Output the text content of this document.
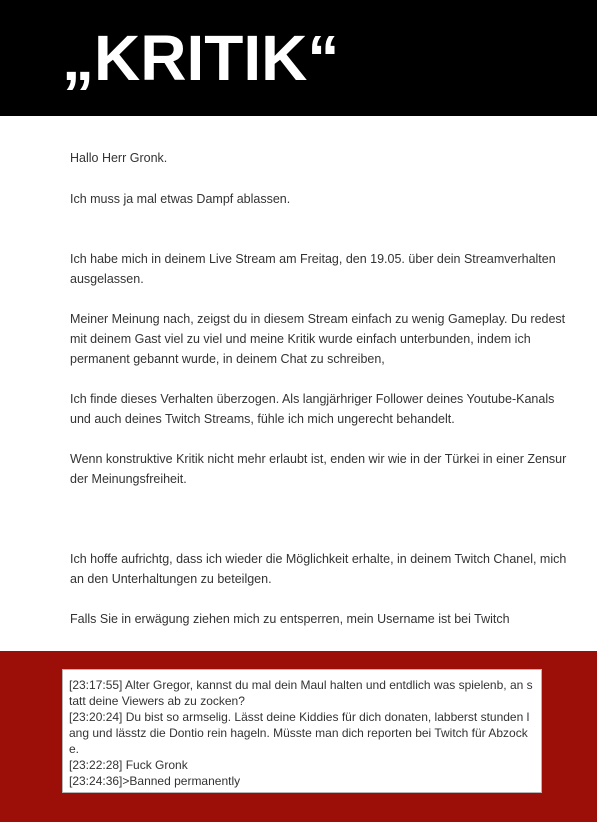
„KRITIK“

Hallo Herr Gronk.

Ich muss ja mal etwas Dampf ablassen.

Ich habe mich in deinem Live Stream am Freitag, den 19.05. über dein Streamverhalten ausgelassen.

Meiner Meinung nach, zeigst du in diesem Stream einfach zu wenig Gameplay. Du redest mit deinem Gast viel zu viel und meine Kritik wurde einfach unterbunden, indem ich permanent gebannt wurde, in deinem Chat zu schreiben,

Ich finde dieses Verhalten überzogen. Als langjärhriger Follower deines Youtube-Kanals und auch deines Twitch Streams, fühle ich mich ungerecht behandelt.

Wenn konstruktive Kritik nicht mehr erlaubt ist, enden wir wie in der Türkei in einer Zensur der Meinungsfreiheit.

Ich hoffe aufrichtg, dass ich wieder die Möglichkeit erhalte, in deinem Twitch Chanel, mich an den Unterhaltungen zu beteilgen.

Falls Sie in erwägung ziehen mich zu entsperren, mein Username ist bei Twitch

[23:17:55] Alter Gregor, kannst du mal dein Maul halten und entdlich was spielenb, an statt deine Viewers ab zu zocken?

[23:20:24] Du bist so armselig. Lässt deine Kiddies für dich donaten, labberst stunden lang und lässtz die Dontio rein hageln. Müsste man dich reporten bei Twitch für Abzocke.

[23:22:28] Fuck Gronk

[23:24:36]>Banned permanently
